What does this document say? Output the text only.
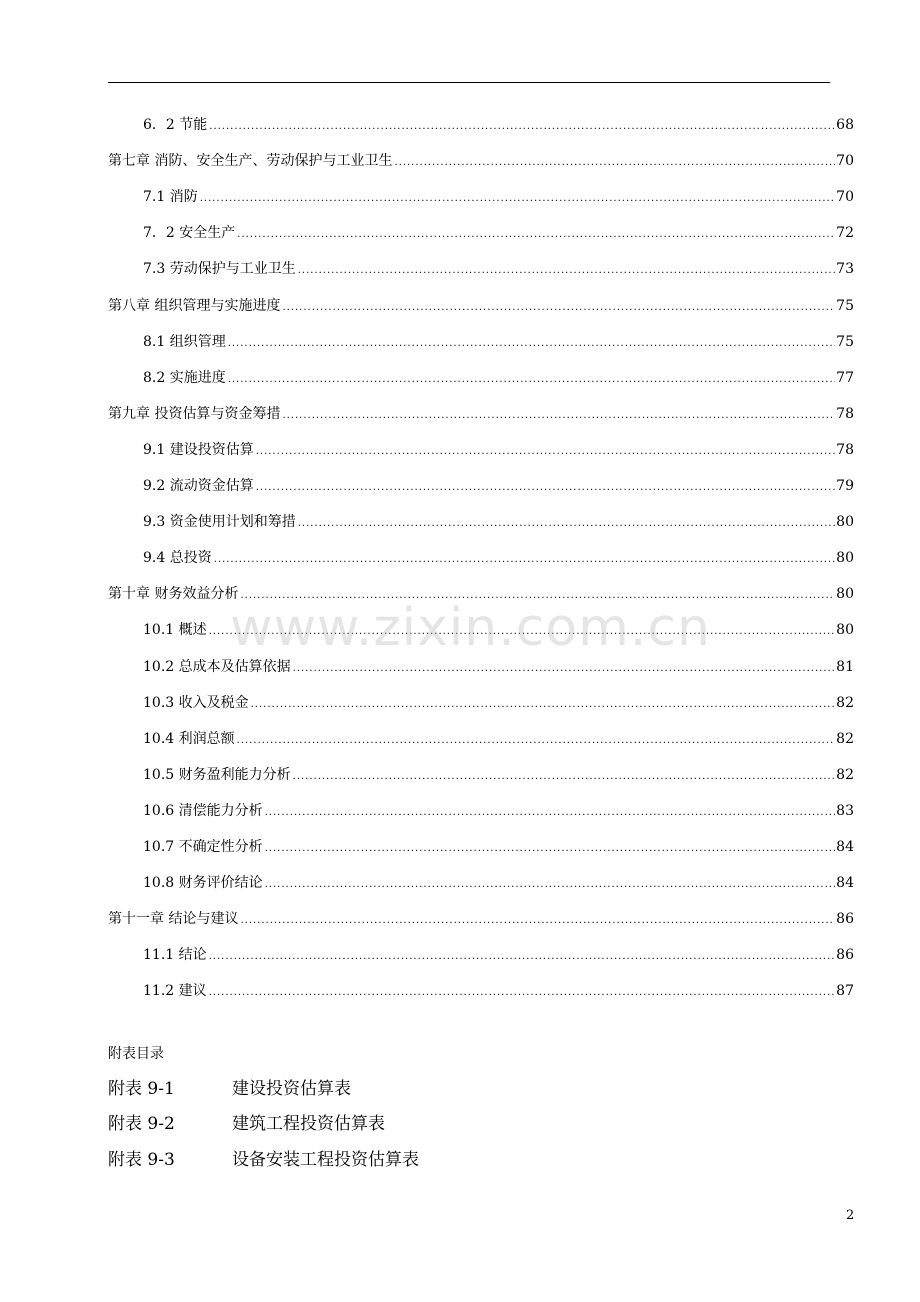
6．2 节能 .....	68
第七章 消防、安全生产、劳动保护与工业卫生 .....	70
7.1 消防 .....	70
7．2 安全生产 .....	72
7.3 劳动保护与工业卫生 .....	73
第八章 组织管理与实施进度 .....	75
8.1 组织管理 .....	75
8.2 实施进度 .....	77
第九章 投资估算与资金筹措 .....	78
9.1 建设投资估算 .....	78
9.2 流动资金估算 .....	79
9.3 资金使用计划和筹措 .....	80
9.4 总投资 .....	80
第十章 财务效益分析 .....	80
10.1 概述 .....	80
10.2 总成本及估算依据 .....	81
10.3 收入及税金 .....	82
10.4 利润总额 .....	82
10.5 财务盈利能力分析 .....	82
10.6 清偿能力分析 .....	83
10.7 不确定性分析 .....	84
10.8 财务评价结论 .....	84
第十一章 结论与建议 .....	86
11.1 结论 .....	86
11.2 建议 .....	87
www.zixin.com.cn
附表目录
附表 9-1	建设投资估算表
附表 9-2	建筑工程投资估算表
附表 9-3	设备安装工程投资估算表
2
